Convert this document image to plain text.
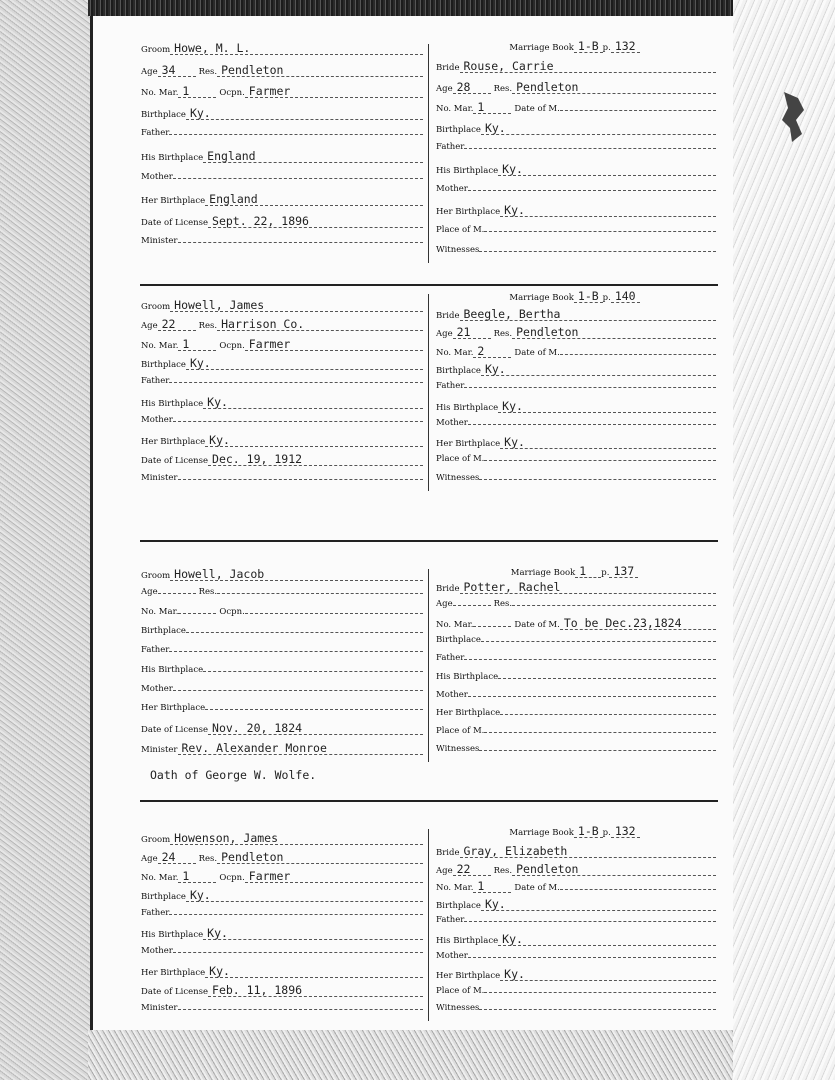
Marriage Book 1-B p. 132
Groom Howe, M. L.
Age 34	Res. Pendleton
No. Mar. 1	Ocpn. Farmer
Birthplace Ky.
Father
His Birthplace England
Mother
Her Birthplace England
Date of License Sept. 22, 1896
Minister
Bride Rouse, Carrie
Age 28	Res. Pendleton
No. Mar. 1	Date of M.
Birthplace Ky.
Father
His Birthplace Ky.
Mother
Her Birthplace Ky.
Place of M.
Witnesses
Marriage Book 1-B p. 140
Groom Howell, James
Age 22	Res. Harrison Co.
No. Mar. 1	Ocpn. Farmer
Birthplace Ky.
Father
His Birthplace Ky.
Mother
Her Birthplace Ky.
Date of License Dec. 19, 1912
Minister
Bride Beegle, Bertha
Age 21	Res. Pendleton
No. Mar. 2	Date of M.
Birthplace Ky.
Father
His Birthplace Ky.
Mother
Her Birthplace Ky.
Place of M.
Witnesses
Marriage Book 1	p. 137
Groom Howell, Jacob
Age	Res.
No. Mar.	Ocpn.
Birthplace
Father
His Birthplace
Mother
Her Birthplace
Date of License Nov. 20, 1824
Minister Rev. Alexander Monroe
Bride Potter, Rachel
Age	Res.
No. Mar.	Date of M. To be Dec.23,1824
Birthplace
Father
His Birthplace
Mother
Her Birthplace
Place of M.
Witnesses
Marriage Book 1-B p. 132
Groom Howenson, James
Age 24	Res. Pendleton
No. Mar. 1	Ocpn. Farmer
Birthplace Ky.
Father
His Birthplace Ky.
Mother
Her Birthplace Ky.
Date of License Feb. 11, 1896
Minister
Bride Gray, Elizabeth
Age 22	Res. Pendleton
No. Mar. 1	Date of M.
Birthplace Ky.
Father
His Birthplace Ky.
Mother
Her Birthplace Ky.
Place of M.
Witnesses
Oath of George W. Wolfe.
